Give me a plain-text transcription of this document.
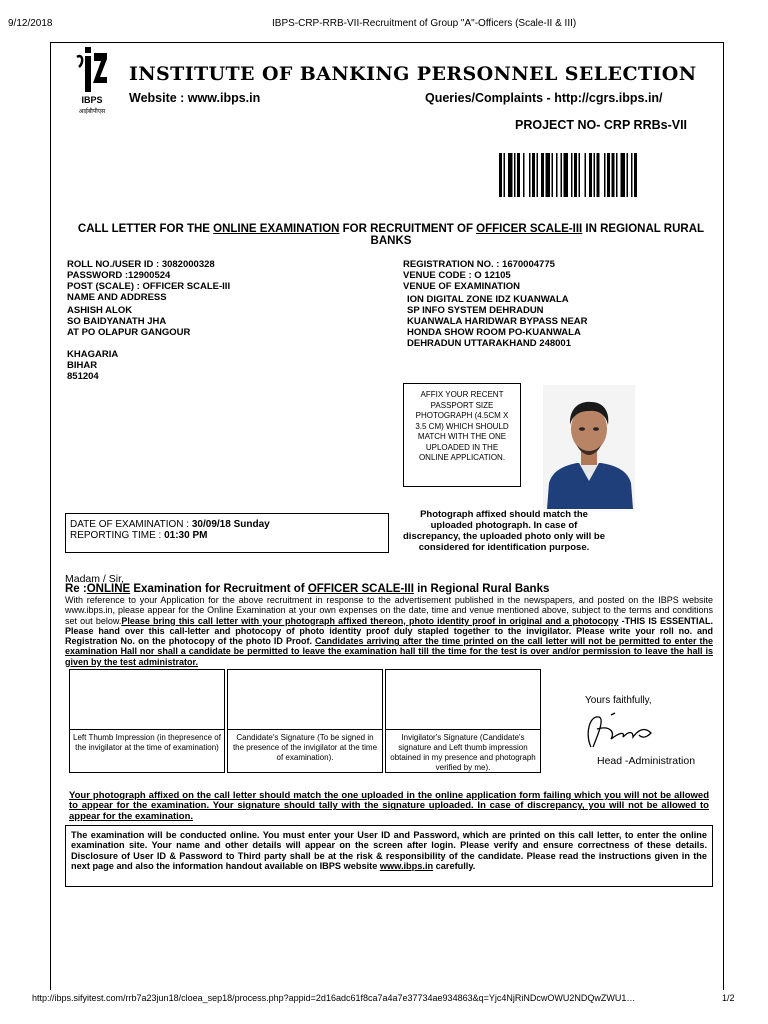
9/12/2018	IBPS-CRP-RRB-VII-Recruitment of Group "A"-Officers (Scale-II & III)
IBPS
आईबीपीएस
INSTITUTE OF BANKING PERSONNEL SELECTION
Website : www.ibps.in	Queries/Complaints - http://cgrs.ibps.in/
PROJECT NO- CRP RRBs-VII
CALL LETTER FOR THE ONLINE EXAMINATION FOR RECRUITMENT OF OFFICER SCALE-III IN REGIONAL RURAL
BANKS
ROLL NO./USER ID : 3082000328
PASSWORD :12900524
POST (SCALE) : OFFICER SCALE-III
NAME AND ADDRESS
ASHISH ALOK
SO BAIDYANATH JHA
AT PO OLAPUR GANGOUR
KHAGARIA
BIHAR
851204
REGISTRATION NO. : 1670004775
VENUE CODE : O 12105
VENUE OF EXAMINATION
ION DIGITAL ZONE IDZ KUANWALA
SP INFO SYSTEM DEHRADUN
KUANWALA HARIDWAR BYPASS NEAR
HONDA SHOW ROOM PO-KUANWALA
DEHRADUN UTTARAKHAND 248001
AFFIX YOUR RECENT PASSPORT SIZE PHOTOGRAPH (4.5CM X 3.5 CM) WHICH SHOULD MATCH WITH THE ONE UPLOADED IN THE ONLINE APPLICATION.
Photograph affixed should match the uploaded photograph. In case of discrepancy, the uploaded photo only will be considered for identification purpose.
DATE OF EXAMINATION : 30/09/18 Sunday
REPORTING TIME : 01:30 PM
Madam / Sir,
Re :ONLINE Examination for Recruitment of OFFICER SCALE-III in Regional Rural Banks
With reference to your Application for the above recruitment in response to the advertisement published in the newspapers, and posted on the IBPS website www.ibps.in, please appear for the Online Examination at your own expenses on the date, time and venue mentioned above, subject to the terms and conditions set out below.Please bring this call letter with your photograph affixed thereon, photo identity proof in original and a photocopy -THIS IS ESSENTIAL. Please hand over this call-letter and photocopy of photo identity proof duly stapled together to the invigilator. Please write your roll no. and Registration No. on the photocopy of the photo ID Proof. Candidates arriving after the time printed on the call letter will not be permitted to enter the examination Hall nor shall a candidate be permitted to leave the examination hall till the time for the test is over and/or permission to leave the hall is given by the test administrator.
Left Thumb Impression (in thepresence of the invigilator at the time of examination)
Candidate's Signature (To be signed in the presence of the invigilator at the time of examination).
Invigilator's Signature (Candidate's signature and Left thumb impression obtained in my presence and photograph verified by me).
Yours faithfully,
Head -Administration
Your photograph affixed on the call letter should match the one uploaded in the online application form failing which you will not be allowed to appear for the examination. Your signature should tally with the signature uploaded. In case of discrepancy, you will not be allowed to appear for the examination.
The examination will be conducted online. You must enter your User ID and Password, which are printed on this call letter, to enter the online examination site. Your name and other details will appear on the screen after login. Please verify and ensure correctness of these details. Disclosure of User ID & Password to Third party shall be at the risk & responsibility of the candidate. Please read the instructions given in the next page and also the information handout available on IBPS website www.ibps.in carefully.
http://ibps.sifyitest.com/rrb7a23jun18/cloea_sep18/process.php?appid=2d16adc61f8ca7a4a7e37734ae934863&q=Yjc4NjRiNDcwOWU2NDQwZWU1…	1/2
